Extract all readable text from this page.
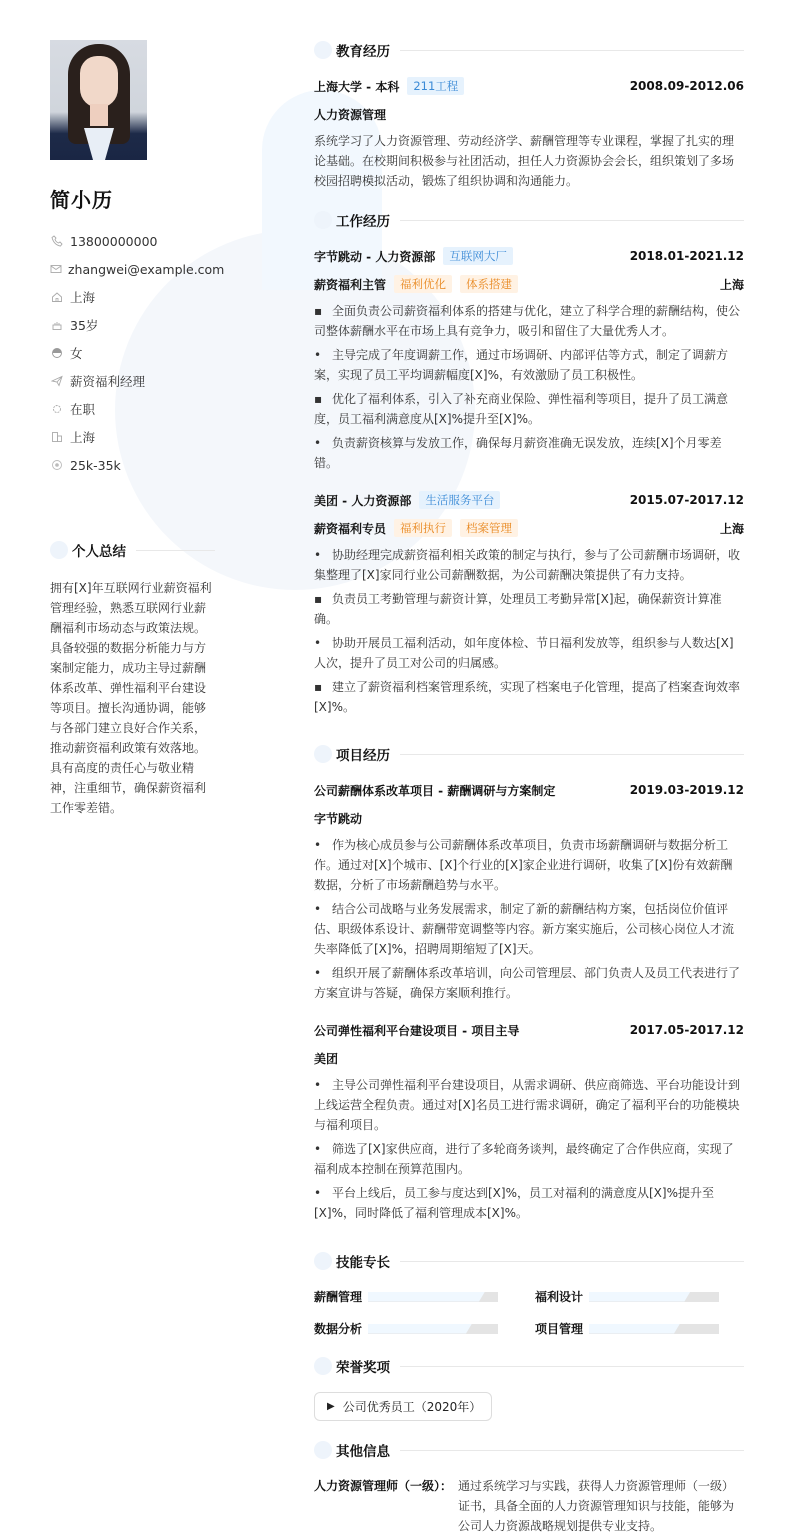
简小历
13800000000
zhangwei@example.com
上海
35岁
女
薪资福利经理
在职
上海
25k-35k
个人总结
拥有[X]年互联网行业薪资福利管理经验，熟悉互联网行业薪酬福利市场动态与政策法规。具备较强的数据分析能力与方案制定能力，成功主导过薪酬体系改革、弹性福利平台建设等项目。擅长沟通协调，能够与各部门建立良好合作关系，推动薪资福利政策有效落地。具有高度的责任心与敬业精神，注重细节，确保薪资福利工作零差错。
教育经历
上海大学 - 本科	211工程	2008.09-2012.06
人力资源管理
系统学习了人力资源管理、劳动经济学、薪酬管理等专业课程，掌握了扎实的理论基础。在校期间积极参与社团活动，担任人力资源协会会长，组织策划了多场校园招聘模拟活动，锻炼了组织协调和沟通能力。
工作经历
字节跳动 - 人力资源部	互联网大厂	2018.01-2021.12
薪资福利主管	福利优化	体系搭建	上海
▪ 全面负责公司薪资福利体系的搭建与优化，建立了科学合理的薪酬结构，使公司整体薪酬水平在市场上具有竞争力，吸引和留住了大量优秀人才。
• 主导完成了年度调薪工作，通过市场调研、内部评估等方式，制定了调薪方案，实现了员工平均调薪幅度[X]%，有效激励了员工积极性。
▪ 优化了福利体系，引入了补充商业保险、弹性福利等项目，提升了员工满意度，员工福利满意度从[X]%提升至[X]%。
• 负责薪资核算与发放工作，确保每月薪资准确无误发放，连续[X]个月零差错。
美团 - 人力资源部	生活服务平台	2015.07-2017.12
薪资福利专员	福利执行	档案管理	上海
• 协助经理完成薪资福利相关政策的制定与执行，参与了公司薪酬市场调研，收集整理了[X]家同行业公司薪酬数据，为公司薪酬决策提供了有力支持。
▪ 负责员工考勤管理与薪资计算，处理员工考勤异常[X]起，确保薪资计算准确。
• 协助开展员工福利活动，如年度体检、节日福利发放等，组织参与人数达[X]人次，提升了员工对公司的归属感。
▪ 建立了薪资福利档案管理系统，实现了档案电子化管理，提高了档案查询效率[X]%。
项目经历
公司薪酬体系改革项目 - 薪酬调研与方案制定	2019.03-2019.12
字节跳动
• 作为核心成员参与公司薪酬体系改革项目，负责市场薪酬调研与数据分析工作。通过对[X]个城市、[X]个行业的[X]家企业进行调研，收集了[X]份有效薪酬数据，分析了市场薪酬趋势与水平。
• 结合公司战略与业务发展需求，制定了新的薪酬结构方案，包括岗位价值评估、职级体系设计、薪酬带宽调整等内容。新方案实施后，公司核心岗位人才流失率降低了[X]%，招聘周期缩短了[X]天。
• 组织开展了薪酬体系改革培训，向公司管理层、部门负责人及员工代表进行了方案宣讲与答疑，确保方案顺利推行。
公司弹性福利平台建设项目 - 项目主导	2017.05-2017.12
美团
• 主导公司弹性福利平台建设项目，从需求调研、供应商筛选、平台功能设计到上线运营全程负责。通过对[X]名员工进行需求调研，确定了福利平台的功能模块与福利项目。
• 筛选了[X]家供应商，进行了多轮商务谈判，最终确定了合作供应商，实现了福利成本控制在预算范围内。
• 平台上线后，员工参与度达到[X]%，员工对福利的满意度从[X]%提升至[X]%，同时降低了福利管理成本[X]%。
技能专长
薪酬管理	福利设计
数据分析	项目管理
荣誉奖项
▶ 公司优秀员工（2020年）
其他信息
人力资源管理师（一级）： 通过系统学习与实践，获得人力资源管理师（一级）证书，具备全面的人力资源管理知识与技能，能够为公司人力资源战略规划提供专业支持。
